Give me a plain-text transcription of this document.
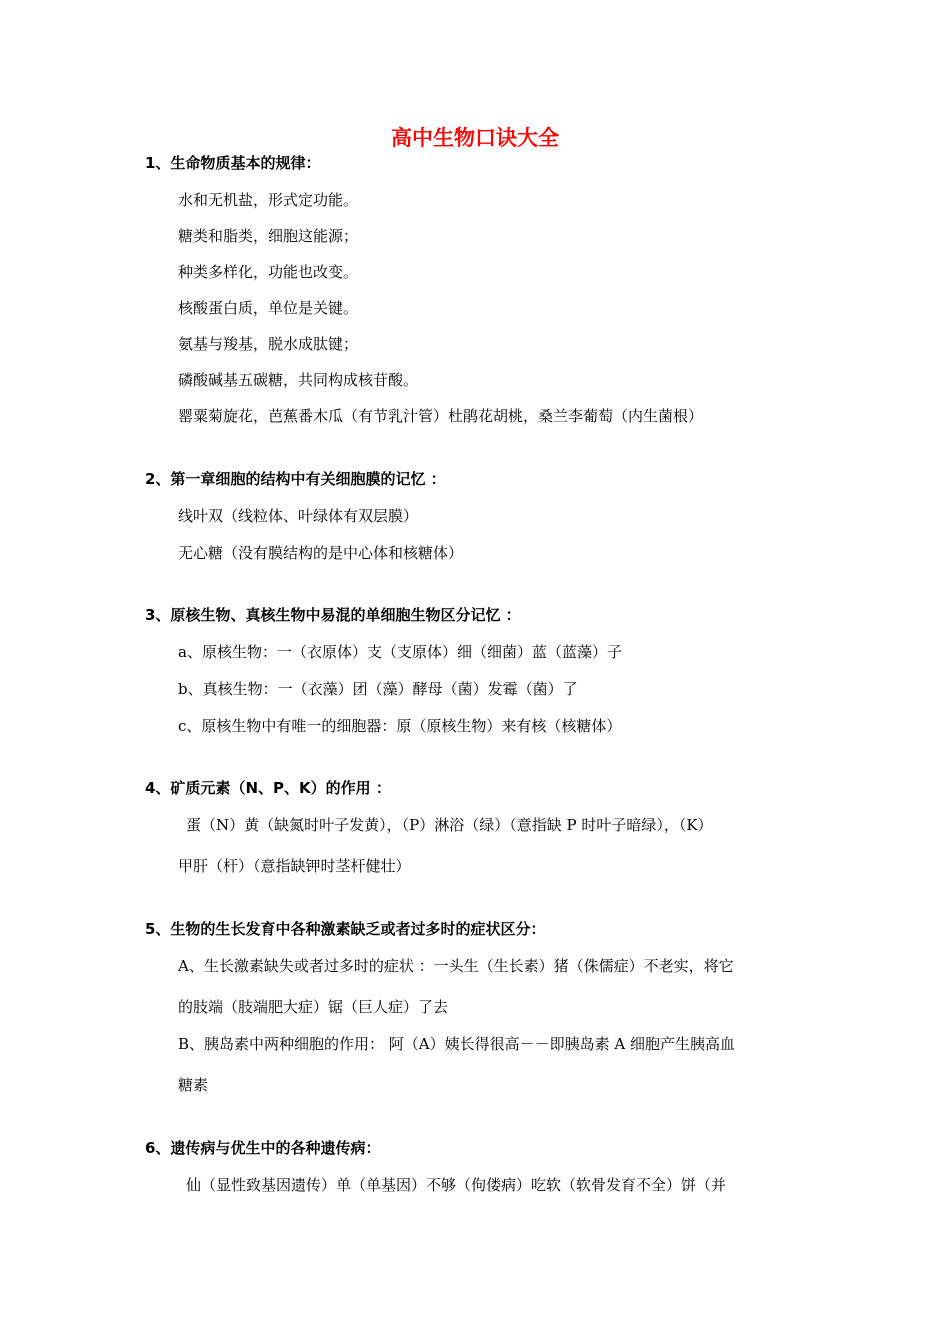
高中生物口诀大全
1、生命物质基本的规律：
水和无机盐，形式定功能。
糖类和脂类，细胞这能源；
种类多样化，功能也改变。
核酸蛋白质，单位是关键。
氨基与羧基，脱水成肽键；
磷酸碱基五碳糖，共同构成核苷酸。
罂粟菊旋花，芭蕉番木瓜（有节乳汁管）杜鹃花胡桃，桑兰李葡萄（内生菌根）
2、第一章细胞的结构中有关细胞膜的记忆 ：
线叶双（线粒体、叶绿体有双层膜）
无心糖（没有膜结构的是中心体和核糖体）
3、原核生物、真核生物中易混的单细胞生物区分记忆 ：
a、原核生物：一（衣原体）支（支原体）细（细菌）蓝（蓝藻）子
b、真核生物：一（衣藻）团（藻）酵母（菌）发霉（菌）了
c、原核生物中有唯一的细胞器：原（原核生物）来有核（核糖体）
4、矿质元素（N、P、K）的作用 ：
蛋（N）黄（缺氮时叶子发黄），（P）淋浴（绿）（意指缺 P 时叶子暗绿），（K）
甲肝（杆）（意指缺钾时茎杆健壮）
5、生物的生长发育中各种激素缺乏或者过多时的症状区分：
A、生长激素缺失或者过多时的症状 ：一头生（生长素）猪（侏儒症）不老实，将它
的肢端（肢端肥大症）锯（巨人症）了去
B、胰岛素中两种细胞的作用： 阿（A）姨长得很高－－即胰岛素 A 细胞产生胰高血
糖素
6、遗传病与优生中的各种遗传病：
仙（显性致基因遗传）单（单基因）不够（佝偻病）吃软（软骨发育不全）饼（并
